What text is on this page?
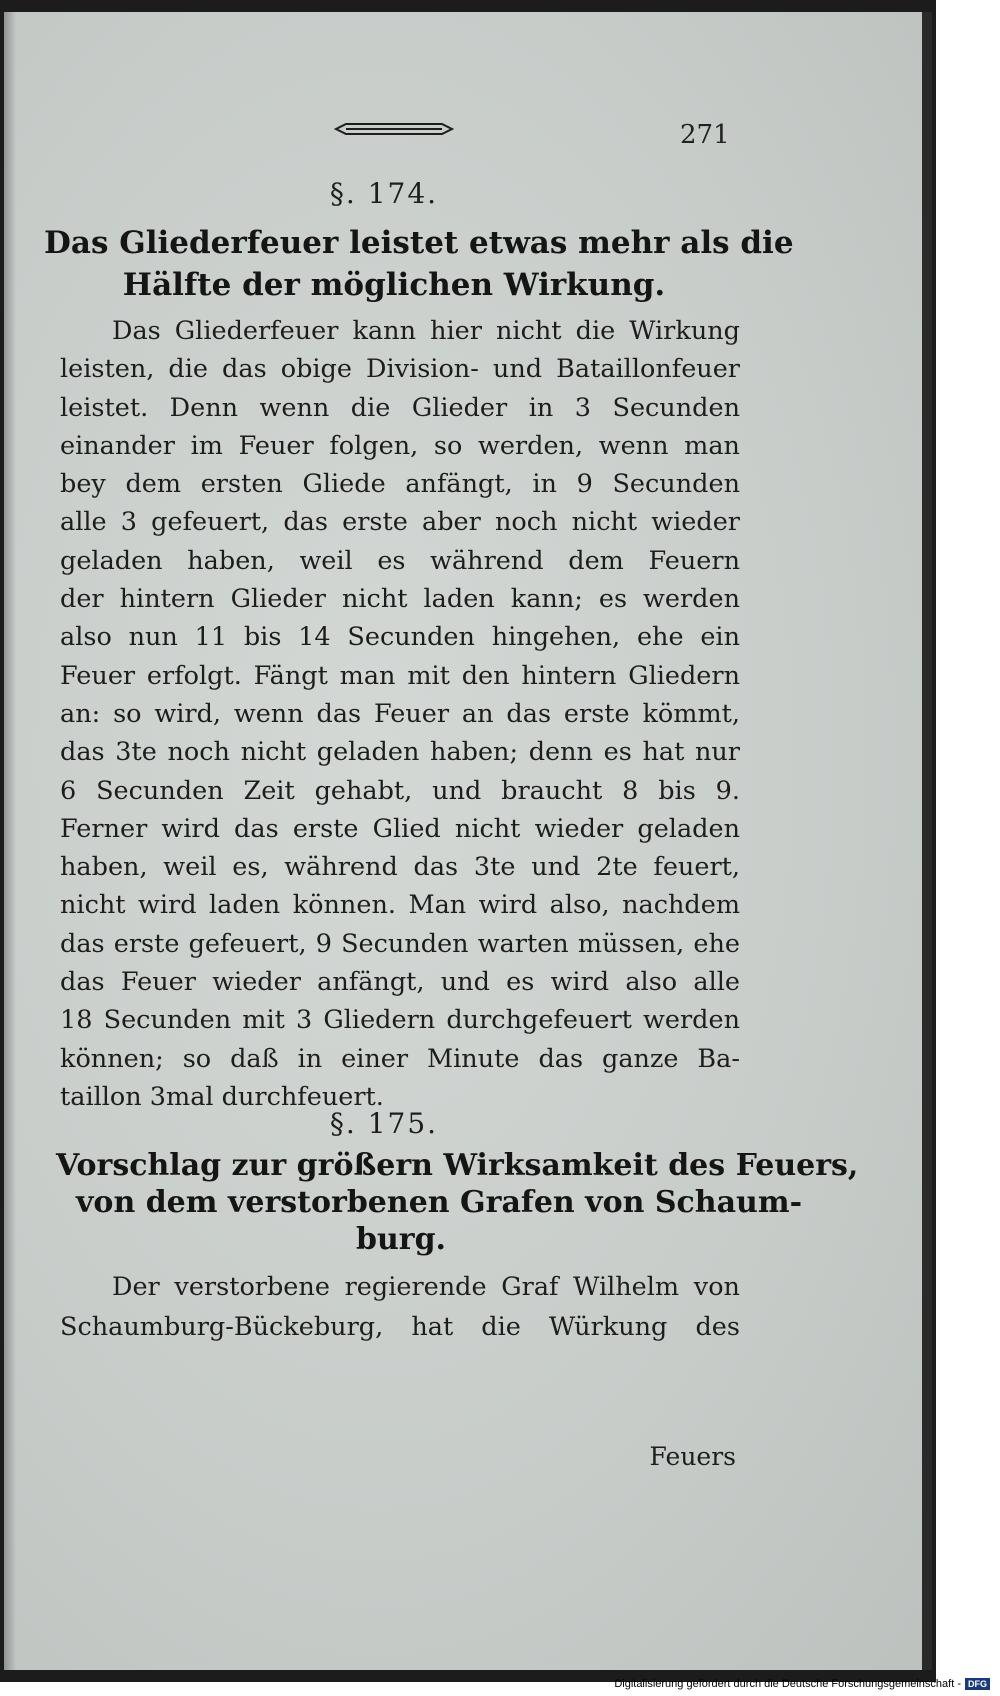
271
§. 174.
Das Gliederfeuer leistet etwas mehr als die
Hälfte der möglichen Wirkung.
Das Gliederfeuer kann hier nicht die Wirkung
leisten, die das obige Division- und Bataillonfeuer
leistet. Denn wenn die Glieder in 3 Secunden
einander im Feuer folgen, so werden, wenn man
bey dem ersten Gliede anfängt, in 9 Secunden
alle 3 gefeuert, das erste aber noch nicht wieder
geladen haben, weil es während dem Feuern
der hintern Glieder nicht laden kann; es werden
also nun 11 bis 14 Secunden hingehen, ehe ein
Feuer erfolgt. Fängt man mit den hintern Gliedern
an: so wird, wenn das Feuer an das erste kömmt,
das 3te noch nicht geladen haben; denn es hat nur
6 Secunden Zeit gehabt, und braucht 8 bis 9.
Ferner wird das erste Glied nicht wieder geladen
haben, weil es, während das 3te und 2te feuert,
nicht wird laden können. Man wird also, nachdem
das erste gefeuert, 9 Secunden warten müssen, ehe
das Feuer wieder anfängt, und es wird also alle
18 Secunden mit 3 Gliedern durchgefeuert werden
können; so daß in einer Minute das ganze Ba-
taillon 3mal durchfeuert.
§. 175.
Vorschlag zur größern Wirksamkeit des Feuers,
von dem verstorbenen Grafen von Schaum-
burg.
Der verstorbene regierende Graf Wilhelm von
Schaumburg-Bückeburg, hat die Würkung des
Feuers
Digitalisierung gefördert durch die Deutsche Forschungsgemeinschaft - DFG
